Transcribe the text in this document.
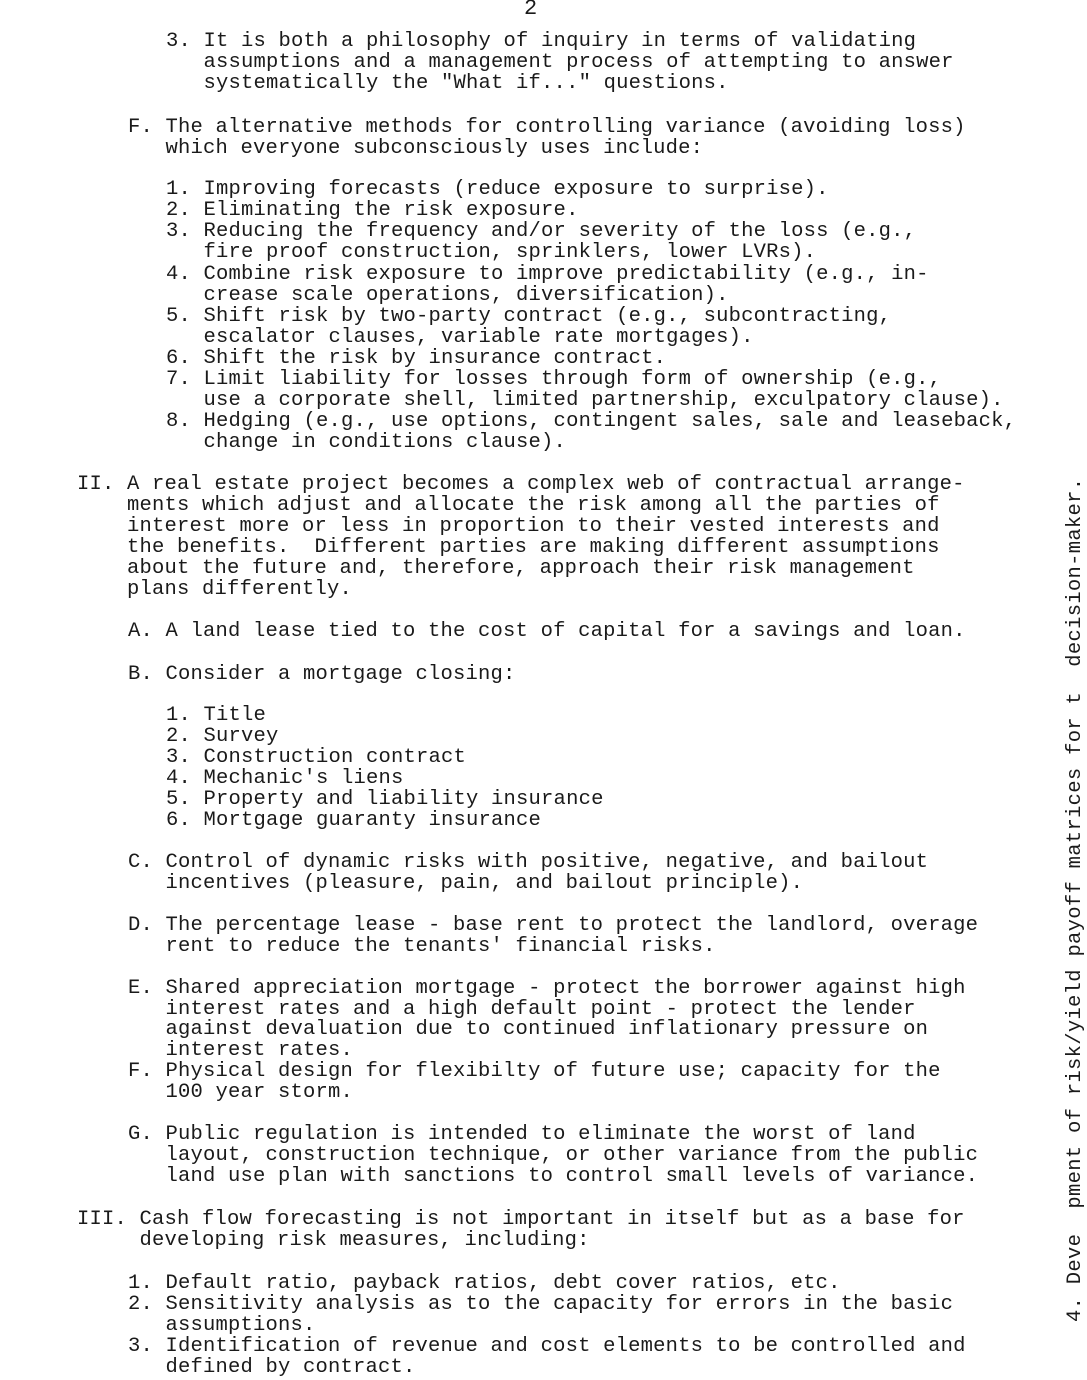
2
3. It is both a philosophy of inquiry in terms of validating
assumptions and a management process of attempting to answer
systematically the "What if..." questions.
F. The alternative methods for controlling variance (avoiding loss)
which everyone subconsciously uses include:
1. Improving forecasts (reduce exposure to surprise).
2. Eliminating the risk exposure.
3. Reducing the frequency and/or severity of the loss (e.g.,
fire proof construction, sprinklers, lower LVRs).
4. Combine risk exposure to improve predictability (e.g., in-
crease scale operations, diversification).
5. Shift risk by two-party contract (e.g., subcontracting,
escalator clauses, variable rate mortgages).
6. Shift the risk by insurance contract.
7. Limit liability for losses through form of ownership (e.g.,
use a corporate shell, limited partnership, exculpatory clause).
8. Hedging (e.g., use options, contingent sales, sale and leaseback,
change in conditions clause).
II. A real estate project becomes a complex web of contractual arrange-
ments which adjust and allocate the risk among all the parties of
interest more or less in proportion to their vested interests and
the benefits.  Different parties are making different assumptions
about the future and, therefore, approach their risk management
plans differently.
A. A land lease tied to the cost of capital for a savings and loan.
B. Consider a mortgage closing:
1. Title
2. Survey
3. Construction contract
4. Mechanic's liens
5. Property and liability insurance
6. Mortgage guaranty insurance
C. Control of dynamic risks with positive, negative, and bailout
incentives (pleasure, pain, and bailout principle).
D. The percentage lease - base rent to protect the landlord, overage
rent to reduce the tenants' financial risks.
E. Shared appreciation mortgage - protect the borrower against high
interest rates and a high default point - protect the lender
against devaluation due to continued inflationary pressure on
interest rates.
F. Physical design for flexibilty of future use; capacity for the
100 year storm.
G. Public regulation is intended to eliminate the worst of land
layout, construction technique, or other variance from the public
land use plan with sanctions to control small levels of variance.
III. Cash flow forecasting is not important in itself but as a base for
developing risk measures, including:
1. Default ratio, payback ratios, debt cover ratios, etc.
2. Sensitivity analysis as to the capacity for errors in the basic
assumptions.
3. Identification of revenue and cost elements to be controlled and
defined by contract.
4. Deve  pment of risk/yield payoff matrices for t  decision-maker.
